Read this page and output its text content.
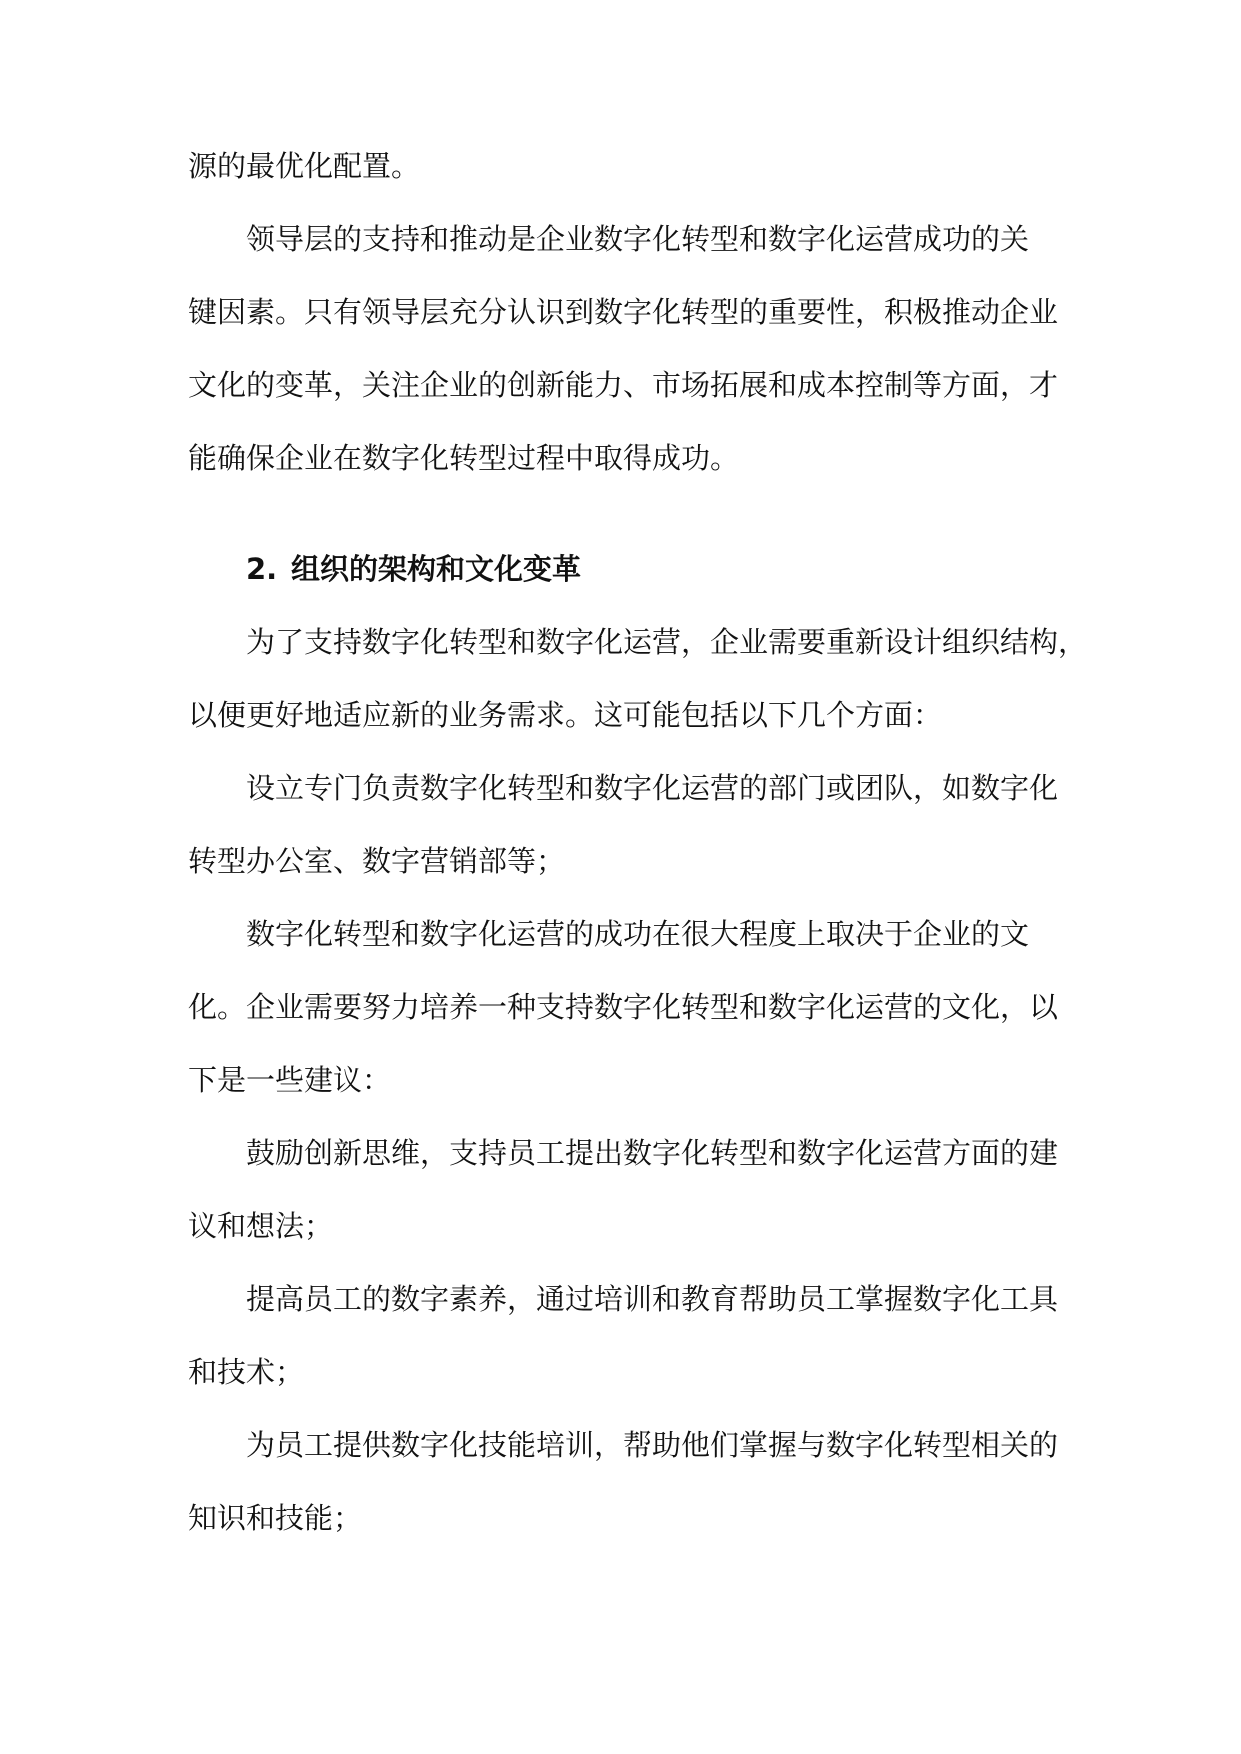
源的最优化配置。

领导层的支持和推动是企业数字化转型和数字化运营成功的关
键因素。只有领导层充分认识到数字化转型的重要性，积极推动企业
文化的变革，关注企业的创新能力、市场拓展和成本控制等方面，才
能确保企业在数字化转型过程中取得成功。

2. 组织的架构和文化变革

为了支持数字化转型和数字化运营，企业需要重新设计组织结构，
以便更好地适应新的业务需求。这可能包括以下几个方面：

设立专门负责数字化转型和数字化运营的部门或团队，如数字化
转型办公室、数字营销部等；

数字化转型和数字化运营的成功在很大程度上取决于企业的文
化。企业需要努力培养一种支持数字化转型和数字化运营的文化，以
下是一些建议：

鼓励创新思维，支持员工提出数字化转型和数字化运营方面的建
议和想法；

提高员工的数字素养，通过培训和教育帮助员工掌握数字化工具
和技术；

为员工提供数字化技能培训，帮助他们掌握与数字化转型相关的
知识和技能；
